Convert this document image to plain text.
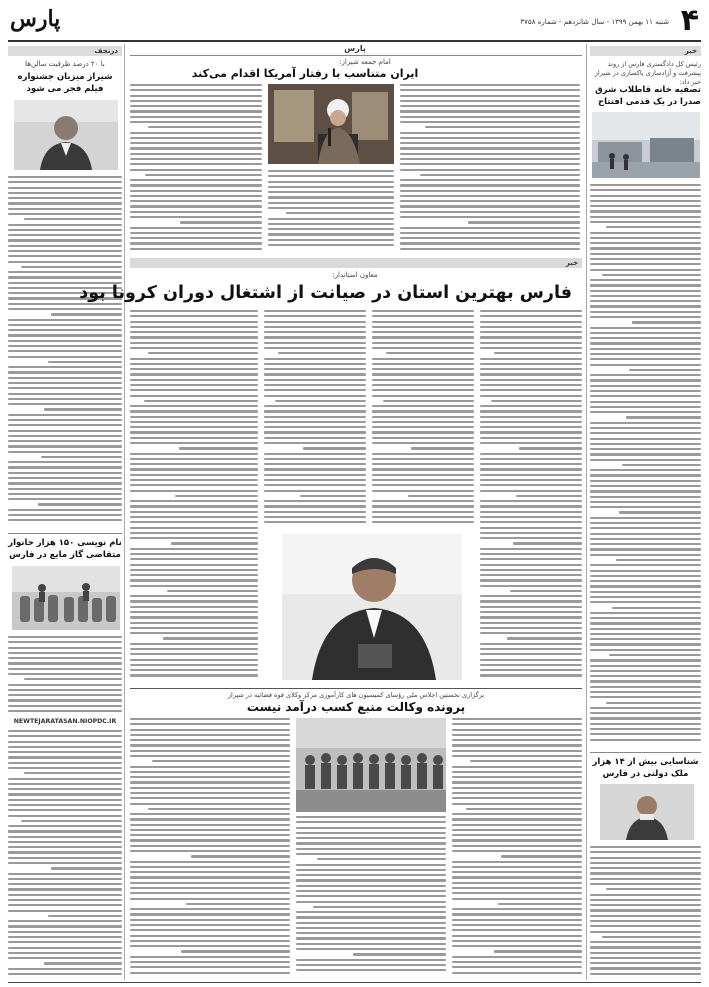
۴
شنبه ۱۱ بهمن ۱۳۹۹ - سال شانزدهم - شماره ۳۷۵۸
پارس
درنجف
با ۲۰ درصد ظرفیت سالن‌ها
شیراز میزبان جشنواره
فیلم فجر می شود
نام نویسی ۱۵۰ هزار خانوار
متقاضی گاز مایع در فارس
NEWTEJARATASAN.NIOPDC.IR
پارس
امام جمعه شیراز:
ایران متناسب با رفتار آمریکا اقدام می‌کند
خبر
معاون استاندار:
فارس بهترین استان در صیانت از اشتغال دوران کرونا بود
برگزاری نخستین اجلاس ملی رؤسای کمیسیون های کارآموزی مرکز وکلای قوه قضائیه در شیراز
پرونده وکالت منبع کسب درآمد نیست
خبر
رئیس کل دادگستری فارس از روند پیشرفت و آزادسازی پاکسازی در شیراز خبر داد:
تصفیه خانه قاطلاب شرق
صدرا در یک قدمی افتتاح
شناسایی بیش از ۱۴ هزار
ملک دولتی در فارس
